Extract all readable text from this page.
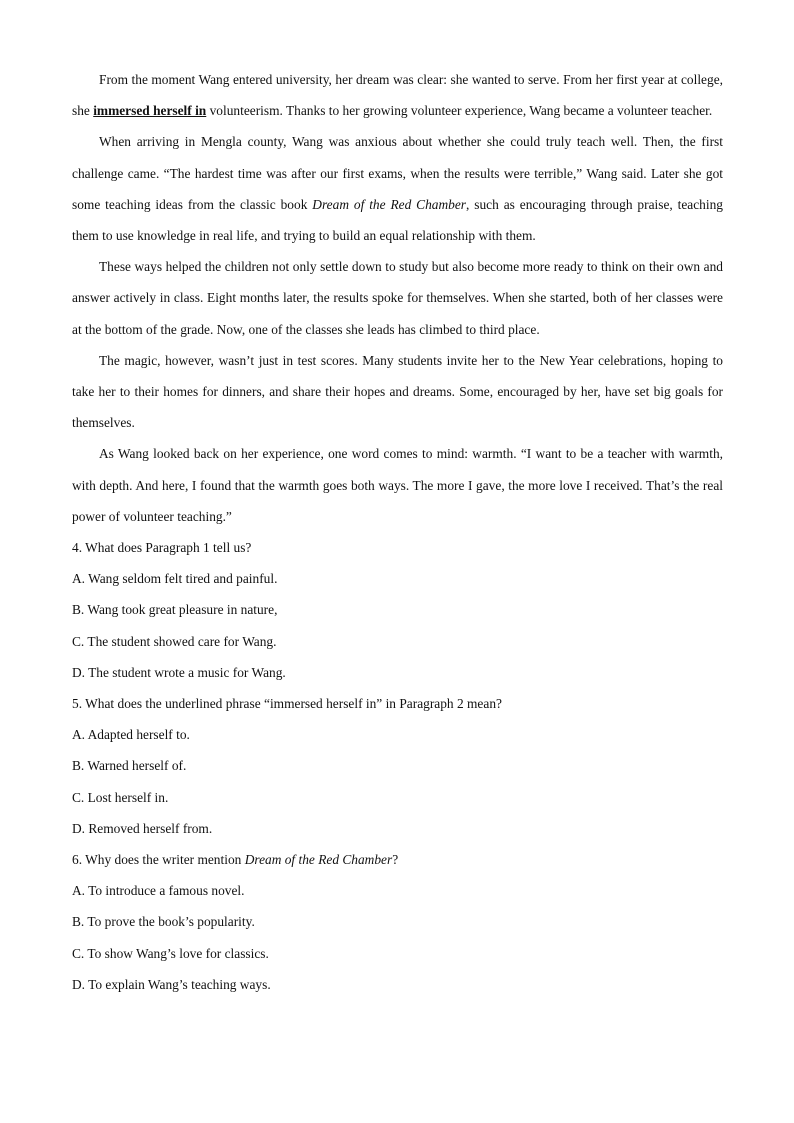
From the moment Wang entered university, her dream was clear: she wanted to serve. From her first year at college, she immersed herself in volunteerism. Thanks to her growing volunteer experience, Wang became a volunteer teacher.

When arriving in Mengla county, Wang was anxious about whether she could truly teach well. Then, the first challenge came. “The hardest time was after our first exams, when the results were terrible,” Wang said. Later she got some teaching ideas from the classic book Dream of the Red Chamber, such as encouraging through praise, teaching them to use knowledge in real life, and trying to build an equal relationship with them.

These ways helped the children not only settle down to study but also become more ready to think on their own and answer actively in class. Eight months later, the results spoke for themselves. When she started, both of her classes were at the bottom of the grade. Now, one of the classes she leads has climbed to third place.

The magic, however, wasn’t just in test scores. Many students invite her to the New Year celebrations, hoping to take her to their homes for dinners, and share their hopes and dreams. Some, encouraged by her, have set big goals for themselves.

As Wang looked back on her experience, one word comes to mind: warmth. “I want to be a teacher with warmth, with depth. And here, I found that the warmth goes both ways. The more I gave, the more love I received. That’s the real power of volunteer teaching.”

4. What does Paragraph 1 tell us?

A. Wang seldom felt tired and painful.

B. Wang took great pleasure in nature,

C. The student showed care for Wang.

D. The student wrote a music for Wang.

5. What does the underlined phrase “immersed herself in” in Paragraph 2 mean?

A. Adapted herself to.

B. Warned herself of.

C. Lost herself in.

D. Removed herself from.

6. Why does the writer mention Dream of the Red Chamber?

A. To introduce a famous novel.

B. To prove the book’s popularity.

C. To show Wang’s love for classics.

D. To explain Wang’s teaching ways.
